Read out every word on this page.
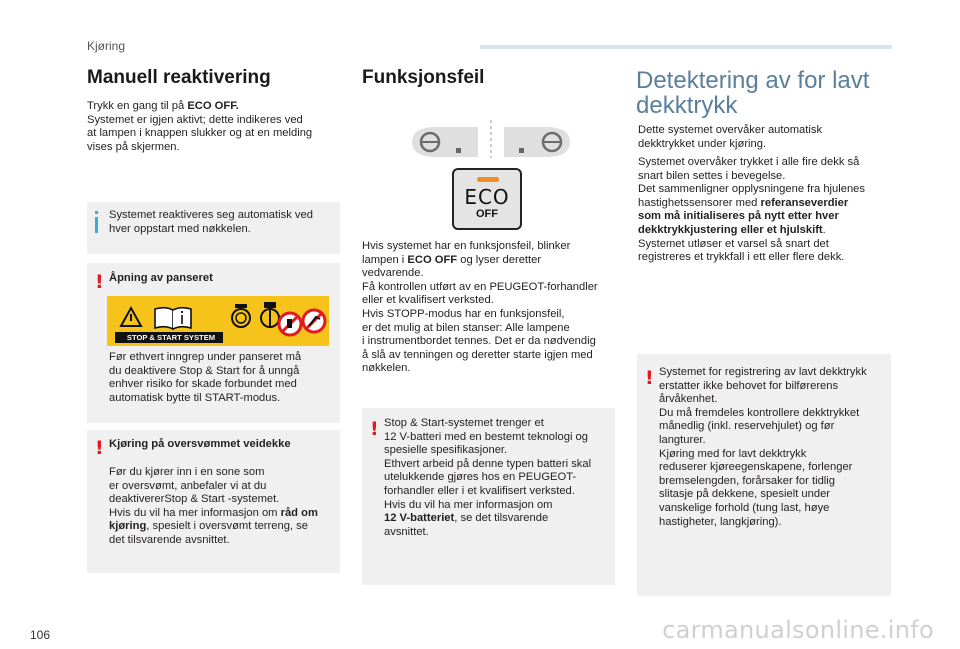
Kjøring
Manuell reaktivering

Trykk en gang til på ECO OFF.

Systemet er igjen aktivt; dette indikeres ved

at lampen i knappen slukker og at en melding

vises på skjermen.

Systemet reaktiveres seg automatisk ved

hver oppstart med nøkkelen.

! Åpning av panseret
STOP & START SYSTEM

Før ethvert inngrep under panseret må

du deaktivere Stop & Start for å unngå

enhver risiko for skade forbundet med

automatisk bytte til START-modus.

! Kjøring på oversvømmet veidekke

Før du kjører inn i en sone som

er oversvømt, anbefaler vi at du

deaktivererStop & Start -systemet.

Hvis du vil ha mer informasjon om råd om

kjøring, spesielt i oversvømt terreng, se

det tilsvarende avsnittet.

Funksjonsfeil
ECO
OFF

Hvis systemet har en funksjonsfeil, blinker

lampen i ECO OFF og lyser deretter

vedvarende.

Få kontrollen utført av en PEUGEOT-forhandler

eller et kvalifisert verksted.

Hvis STOPP-modus har en funksjonsfeil,

er det mulig at bilen stanser: Alle lampene

i instrumentbordet tennes. Det er da nødvendig

å slå av tenningen og deretter starte igjen med

nøkkelen.

! Stop & Start-systemet trenger et

12 V-batteri med en bestemt teknologi og

spesielle spesifikasjoner.

Ethvert arbeid på denne typen batteri skal

utelukkende gjøres hos en PEUGEOT-

forhandler eller i et kvalifisert verksted.

Hvis du vil ha mer informasjon om

12 V-batteriet, se det tilsvarende

avsnittet.

Detektering av for lavt
dekktrykk

Dette systemet overvåker automatisk

dekktrykket under kjøring.

Systemet overvåker trykket i alle fire dekk så

snart bilen settes i bevegelse.

Det sammenligner opplysningene fra hjulenes

hastighetssensorer med referanseverdier

som må initialiseres på nytt etter hver

dekktrykkjustering eller et hjulskift.

Systemet utløser et varsel så snart det

registreres et trykkfall i ett eller flere dekk.

! Systemet for registrering av lavt dekktrykk

erstatter ikke behovet for bilførerens

årvåkenhet.

Du må fremdeles kontrollere dekktrykket

månedlig (inkl. reservehjulet) og før

langturer.

Kjøring med for lavt dekktrykk

reduserer kjøreegenskapene, forlenger

bremselengden, forårsaker for tidlig

slitasje på dekkene, spesielt under

vanskelige forhold (tung last, høye

hastigheter, langkjøring).

106	carmanualsonline.info
